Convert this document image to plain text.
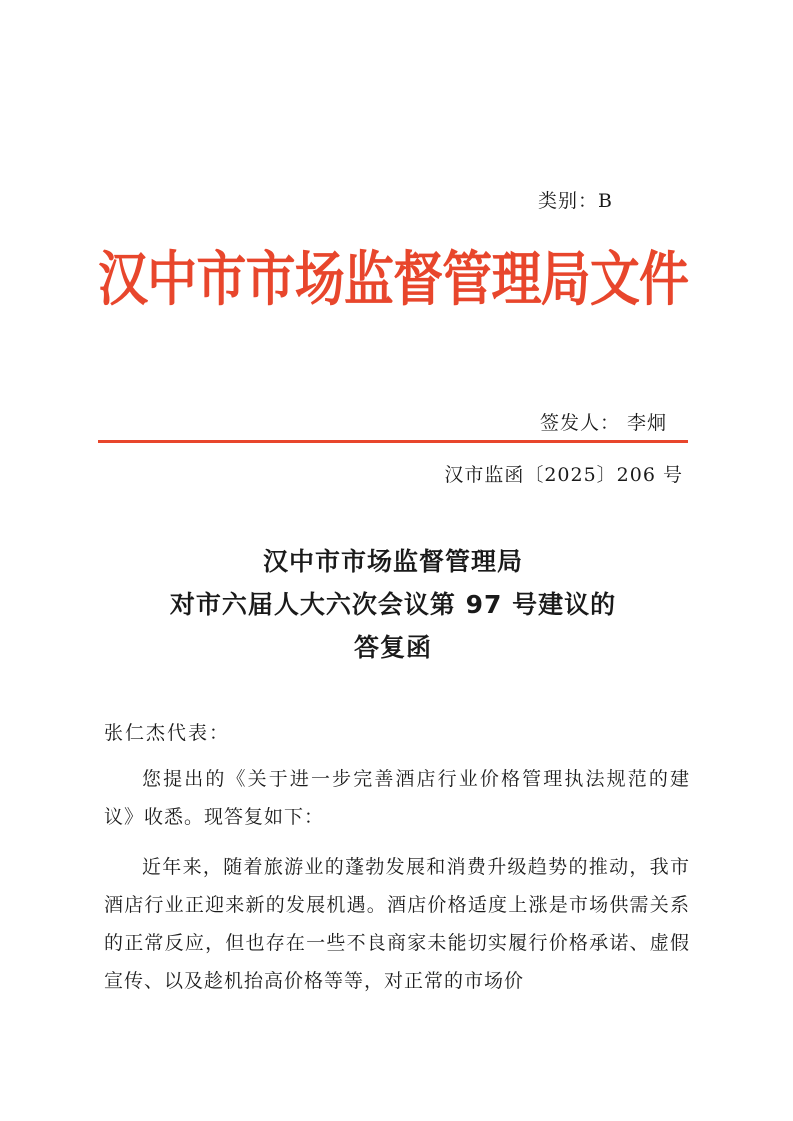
类别：B
汉中市市场监督管理局文件
签发人： 李炯
汉市监函〔2025〕206 号
汉中市市场监督管理局
对市六届人大六次会议第 97 号建议的
答复函
张仁杰代表：
您提出的《关于进一步完善酒店行业价格管理执法规范的建议》收悉。现答复如下：
近年来，随着旅游业的蓬勃发展和消费升级趋势的推动，我市酒店行业正迎来新的发展机遇。酒店价格适度上涨是市场供需关系的正常反应，但也存在一些不良商家未能切实履行价格承诺、虚假宣传、以及趁机抬高价格等等，对正常的市场价
